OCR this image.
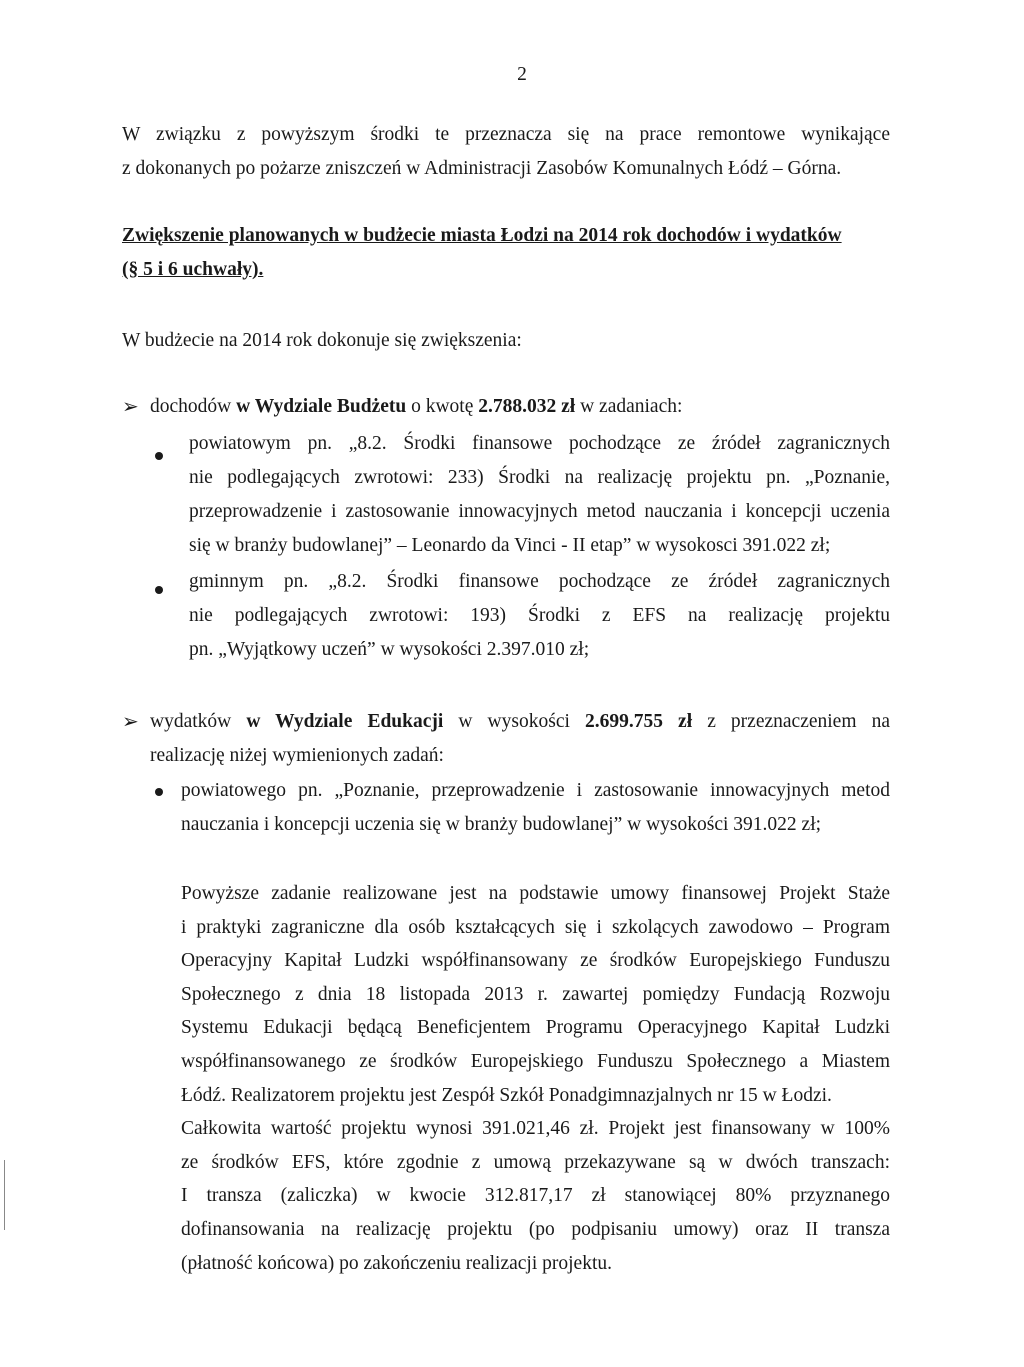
2
W związku z powyższym środki te przeznacza się na prace remontowe wynikające
z dokonanych po pożarze zniszczeń w Administracji Zasobów Komunalnych Łódź – Górna.
Zwiększenie planowanych w budżecie miasta Łodzi na 2014 rok dochodów i wydatków
(§ 5 i 6 uchwały).
W budżecie na 2014 rok dokonuje się zwiększenia:
➢ dochodów w Wydziale Budżetu o kwotę 2.788.032 zł w zadaniach:
powiatowym pn. „8.2. Środki finansowe pochodzące ze źródeł zagranicznych
nie podlegających zwrotowi: 233) Środki na realizację projektu pn. „Poznanie,
przeprowadzenie i zastosowanie innowacyjnych metod nauczania i koncepcji uczenia
się w branży budowlanej” – Leonardo da Vinci - II etap” w wysokosci 391.022 zł;
gminnym pn. „8.2. Środki finansowe pochodzące ze źródeł zagranicznych
nie podlegających zwrotowi: 193) Środki z EFS na realizację projektu
pn. „Wyjątkowy uczeń” w wysokości 2.397.010 zł;
➢ wydatków w Wydziale Edukacji w wysokości 2.699.755 zł z przeznaczeniem na
realizację niżej wymienionych zadań:
powiatowego pn. „Poznanie, przeprowadzenie i zastosowanie innowacyjnych metod
nauczania i koncepcji uczenia się w branży budowlanej” w wysokości 391.022 zł;
Powyższe zadanie realizowane jest na podstawie umowy finansowej Projekt Staże
i praktyki zagraniczne dla osób kształcących się i szkolących zawodowo – Program
Operacyjny Kapitał Ludzki współfinansowany ze środków Europejskiego Funduszu
Społecznego z dnia 18 listopada 2013 r. zawartej pomiędzy Fundacją Rozwoju
Systemu Edukacji będącą Beneficjentem Programu Operacyjnego Kapitał Ludzki
współfinansowanego ze środków Europejskiego Funduszu Społecznego a Miastem
Łódź. Realizatorem projektu jest Zespół Szkół Ponadgimnazjalnych nr 15 w Łodzi.
Całkowita wartość projektu wynosi 391.021,46 zł. Projekt jest finansowany w 100%
ze środków EFS, które zgodnie z umową przekazywane są w dwóch transzach:
I transza (zaliczka) w kwocie 312.817,17 zł stanowiącej 80% przyznanego
dofinansowania na realizację projektu (po podpisaniu umowy) oraz II transza
(płatność końcowa) po zakończeniu realizacji projektu.
